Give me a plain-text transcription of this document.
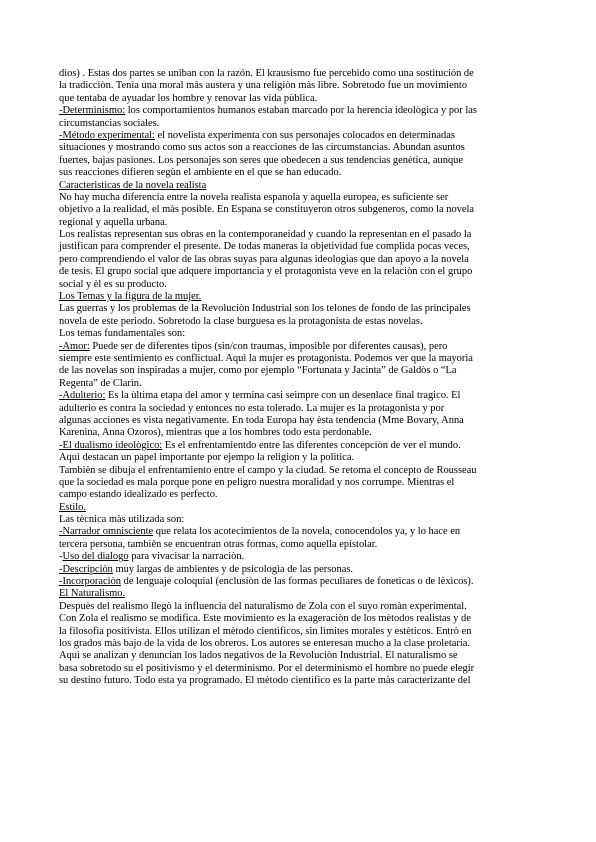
dios) . Estas dos partes se uniban con la razón. El krausismo fue percebido como una sostitución de
la tradicciòn. Tenìa una moral màs austera y una religiòn màs libre. Sobretodo fue un movimiento
que tentaba de ayuadar los hombre y renovar las vida pùblica.
-Determinismo: los comportamientos humanos estaban marcado por la herencia ideològica y por las
circumstancias sociales.
-Método experimental: el novelista experimenta con sus personajes colocados en determinadas
situaciones y mostrando como sus actos son a reacciones de las circumstancias. Abundan asuntos
fuertes, bajas pasiones. Los personajes son seres que obedecen a sus tendencias genètica, aunque
sus reacciones difieren segùn el ambiente en el que se han educado.
Caracteristicas de la novela realista
No hay mucha diferencia entre la novela realista espanola y aquella europea, es suficiente ser
objetivo a la realidad, el màs posible. En Espana se constituyeron otros subgeneros, como la novela
regional y aquella urbana.
Los realistas representan sus obras en la contemporaneidad y cuando la representan en el pasado la
justifican para comprender el presente. De todas maneras la objetividad fue complida pocas veces,
pero comprendiendo el valor de las obras suyas para algunas ideologìas que dan apoyo a la novela
de tesis. El grupo social que adquere importancia y el protagonista veve en la relaciòn con el grupo
social y èl es su producto.
Los Temas y la figura de la mujer.
Las guerras y los problemas de la Revoluciòn Industrial son los telones de fondo de las principales
novela de este periodo. Sobretodo la clase burguesa es la protagonista de estas novelas.
Los temas fundamentales son:
-Amor: Puede ser de diferentes tipos (sin/con traumas, imposible por diferentes causas), pero
siempre este sentimiento es conflictual. Aquì la mujer es protagonista. Podemos ver que la mayorìa
de las novelas son inspiradas a mujer, como por ejemplo “Fortunata y Jacinta” de Galdòs o “La
Regenta” de Clarìn.
-Adulterio: Es la ùltima etapa del amor y termina casi seimpre con un desenlace final tragico. El
adulterio es contra la sociedad y entonces no esta tolerado. La mujer es la protagonista y por
algunas acciones es vista negativamente. En toda Europa hay èsta tendencia (Mme Bovary, Anna
Karenina, Anna Ozoros), mientras que a los hombres todo esta perdonable.
-El dualismo ideològico: Es el enfrentamientdo entre las diferentes concepciòn de ver el mundo.
Aquì destacan un papel importante por ejempo la religion y la politica.
Tambièn se dibuja el enfrentamiento entre el campo y la ciudad. Se retoma el concepto de Rousseau
que la sociedad es mala porque pone en peligro nuestra moralidad y nos corrumpe. Mientras el
campo estando idealizado es perfecto.
Estilo.
Las tècnica màs utilizada son:
-Narrador omnisciente que relata los acotecimientos de la novela, conocendolos ya, y lo hace en
tercera persona, tambièn se encuentran otras formas, como aquella epistolar.
-Uso del dialogo para vivacisar la narraciòn.
-Descripciòn muy largas de ambientes y de psicologìa de las personas.
-Incorporaciòn de lenguaje coloquial (enclusiòn de las formas peculiares de foneticas o de lèxicos).
El Naturalismo.
Despuès del realismo llegò la influencia del naturalismo de Zola con el suyo romàn experimental.
Con Zola el realismo se modifica. Este movimiento es la exageraciòn de los mètodos realistas y de
la filosofìa positivista. Ellos utilizan el mètodo cientìficos, sin lìmites morales y estèticos. Entrò en
los grados màs bajo de la vida de los obreros. Los autores se enteresan mucho a la clase proletaria.
Aquì se analizan y denuncian los lados negativos de la Revoluciòn Industrial. El naturalismo se
basa sobretodo su el positivismo y el determinismo. Por el determinismo el hombre no puede elegir
su destino futuro. Todo esta ya programado. El mètodo cientìfico es la parte màs caracterizante del
